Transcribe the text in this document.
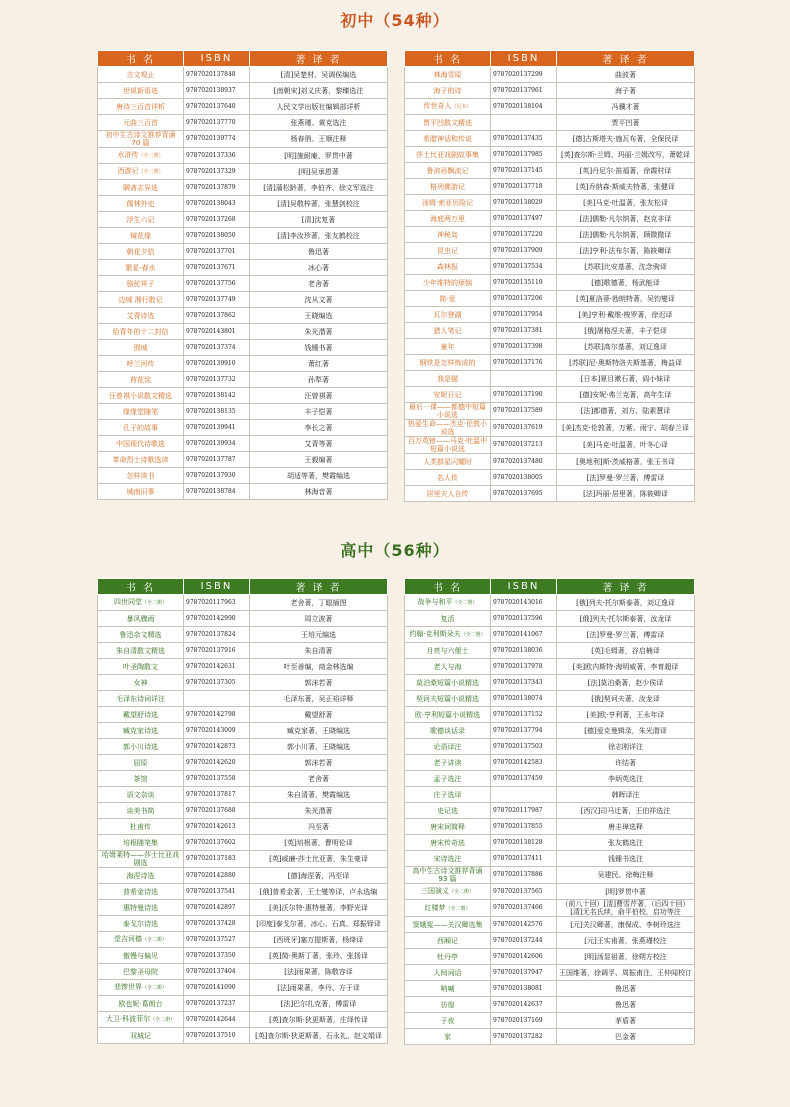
初中（54种）
书 名	ISBN	著 译 者
古文观止	9787020137848	[清]吴楚材、吴调侯编选
世说新语选	9787020138937	[南朝宋]刘义庆著，黎臻选注
唐诗三百首详析	9787020137640	人民文学出版社编辑部详析
元曲三百首	9787020137770	张燕瑾、黄克选注
初中生古诗文推荐背诵 70 篇	9787020139774	杨春俏、王顺注释
水浒传（全二册）	9787020137336	[明]施耐庵、罗贯中著
西游记（全二册）	9787020137329	[明]吴承恩著
聊斋志异选	9787020137879	[清]蒲松龄著，李伯齐、徐文军选注
儒林外史	9787020138043	[清]吴敬梓著，张慧剑校注
浮生六记	9787020137268	[清]沈复著
镜花缘	9787020138050	[清]李汝珍著，张友鹤校注
朝花夕拾	9787020137701	鲁迅著
繁星·春水	9787020137671	冰心著
骆驼祥子	9787020137756	老舍著
边城 湘行散记	9787020137749	沈从文著
艾青诗选	9787020137862	王晓编选
给青年的十二封信	9787020143801	朱光潜著
围城	9787020137374	钱锺书著
呼兰河传	9787020139910	萧红著
荷花淀	9787020137732	孙犁著
汪曾祺小说散文精选	9787020138142	汪曾祺著
缘缘堂随笔	9787020138135	丰子恺著
孔子的故事	9787020139941	李长之著
中国现代诗歌选	9787020139934	艾青等著
革命烈士诗歌选读	9787020137787	王毅编著
怎样读书	9787020137930	胡适等著，樊霞编选
城南旧事	9787020138784	林海音著
书 名	ISBN	著 译 者
林海雪原	9787020137299	曲波著
海子的诗	9787020137961	海子著
传世奇人（足本）	9787020138104	冯骥才著
贾平凹散文精选		贾平凹著
希腊神话和传说	9787020137435	[德]古斯塔夫·施瓦布著，全保民译
莎士比亚戏剧故事集	9787020137985	[英]查尔斯·兰姆、玛丽·兰姆改写，萧乾译
鲁滨孙飘流记	9787020137145	[英]丹尼尔·笛福著，徐霞村译
格列佛游记	9787020137718	[英]乔纳森·斯威夫特著，张健译
汤姆·索亚历险记	9787020138029	[美]马克·吐温著，张友松译
海底两万里	9787020137497	[法]儒勒·凡尔纳著，赵克非译
神秘岛	9787020137220	[法]儒勒·凡尔纳著，顾微微译
昆虫记	9787020137909	[法]亨利·法布尔著，陈筱卿译
森林报	9787020137534	[苏联]比安基著，沈念驹译
少年维特的烦恼	9787020135119	[德]歌德著，杨武能译
简·爱	9787020137206	[英]夏洛蒂·勃朗特著，吴钧燮译
瓦尔登湖	9787020137954	[美]亨利·戴维·梭罗著，徐迟译
猎人笔记	9787020137381	[俄]屠格涅夫著，丰子恺译
童年	9787020137398	[苏联]高尔基著，刘辽逸译
钢铁是怎样炼成的	9787020137176	[苏联]尼·奥斯特洛夫斯基著，梅益译
我是猫		[日本]夏目漱石著，阎小妹译
安妮日记	9787020137190	[德]安妮·弗兰克著，高年生译
最后一课——都德中短篇小说选	9787020137589	[法]都德著，刘方、陆素慧译
热爱生命——杰克·伦敦小说选	9787020137619	[美]杰克·伦敦著，万紫、雨宁、胡春兰译
百万英镑——马克·吐温中短篇小说选	9787020137213	[美]马克·吐温著，叶冬心译
人类群星闪耀时	9787020137480	[奥地利]斯·茨威格著，张玉书译
名人传	9787020138005	[法]罗曼·罗兰著，傅雷译
居里夫人自传	9787020137695	[法]玛丽·居里著，陈筱卿译
高中（56种）
书 名	ISBN	著 译 者
四世同堂（全二册）	9787020117963	老舍著，丁聪插图
暴风骤雨	9787020142990	周立波著
鲁迅杂文精选	9787020137824	王培元编选
朱自清散文精选	9787020137916	朱自清著
叶圣陶散文	9787020142631	叶至善编，商金林选编
女神	9787020137305	郭沫若著
毛泽东诗词详注		毛泽东著，吴正裕详释
戴望舒诗选	9787020142798	戴望舒著
臧克家诗选	9787020143009	臧克家著，王晓编选
郭小川诗选	9787020142873	郭小川著，王晓编选
屈原	9787020142620	郭沫若著
茶馆	9787020137558	老舍著
语文杂谈	9787020137817	朱自清著，樊霞编选
谈美书简	9787020137688	朱光潜著
杜甫传	9787020142613	冯至著
培根随笔集	9787020137602	[英]培根著，曹明伦译
哈姆莱特——莎士比亚戏剧选	9787020137183	[英]威廉·莎士比亚著，朱生豪译
海涅诗选	9787020142880	[德]海涅著，冯至译
普希金诗选	9787020137541	[俄]普希金著，王士燮等译，卢永选编
惠特曼诗选	9787020142897	[美]沃尔特·惠特曼著，李野光译
泰戈尔诗选	9787020137428	[印度]泰戈尔著，冰心、石真、郑振铎译
堂吉诃德（全二册）	9787020137527	[西班牙]塞万提斯著，杨绛译
傲慢与偏见	9787020137350	[英]简·奥斯丁著，张玲、张扬译
巴黎圣母院	9787020137404	[法]雨果著，陈敬容译
悲惨世界（全二册）	9787020141090	[法]雨果著，李丹、方于译
欧也妮·葛朗台	9787020137237	[法]巴尔扎克著，傅雷译
大卫·科波菲尔（全二册）	9787020142644	[英]查尔斯·狄更斯著，庄绎传译
双城记	9787020137510	[英]查尔斯·狄更斯著，石永礼、赵文娟译
书 名	ISBN	著 译 者
战争与和平（全二册）	9787020143016	[俄]列夫·托尔斯泰著，刘辽逸译
复活	9787020137596	[俄]列夫·托尔斯泰著，汝龙译
约翰·克利斯朵夫（全二册）	9787020141067	[法]罗曼·罗兰著，傅雷译
月亮与六便士	9787020138036	[英]毛姆著，谷启楠译
老人与海	9787020137978	[美]欧内斯特·海明威著，李育超译
莫泊桑短篇小说精选	9787020137343	[法]莫泊桑著，赵少侯译
契诃夫短篇小说精选	9787020138074	[俄]契诃夫著，汝龙译
欧·亨利短篇小说精选	9787020137152	[美]欧·亨利著，王永年译
歌德谈话录	9787020137794	[德]爱克曼辑录，朱光潜译
论语译注	9787020137503	徐志刚详注
老子讲读	9787020142583	许结著
孟子选注	9787020137459	李炳英选注
庄子选译		韩晖译注
史记选	9787020117987	[西汉]司马迁著，王伯祥选注
唐宋词简释	9787020137855	唐圭璋选释
唐宋传奇选	9787020138128	张友鹤选注
宋诗选注	9787020137411	钱锺书选注
高中生古诗文推荐背诵 93 篇	9787020137886	吴建民、徐梅注释
三国演义（全二册）	9787020137565	[明]罗贯中著
红楼梦（全二册）	9787020137466	（前八十回）[清]曹雪芹著，（后四十回）[清]无名氏续，俞平伯校，启功等注
窦娥冤——关汉卿选集	9787020142576	[元]关汉卿著，康保成、李树玲选注
西厢记	9787020137244	[元]王实甫著，张燕瑾校注
牡丹亭	9787020142606	[明]汤显祖著，徐朔方校注
人间词话	9787020137947	王国维著，徐调孚、周振甫注，王仲闻校订
呐喊	9787020138081	鲁迅著
彷徨	9787020142637	鲁迅著
子夜	9787020137169	茅盾著
家	9787020137282	巴金著
